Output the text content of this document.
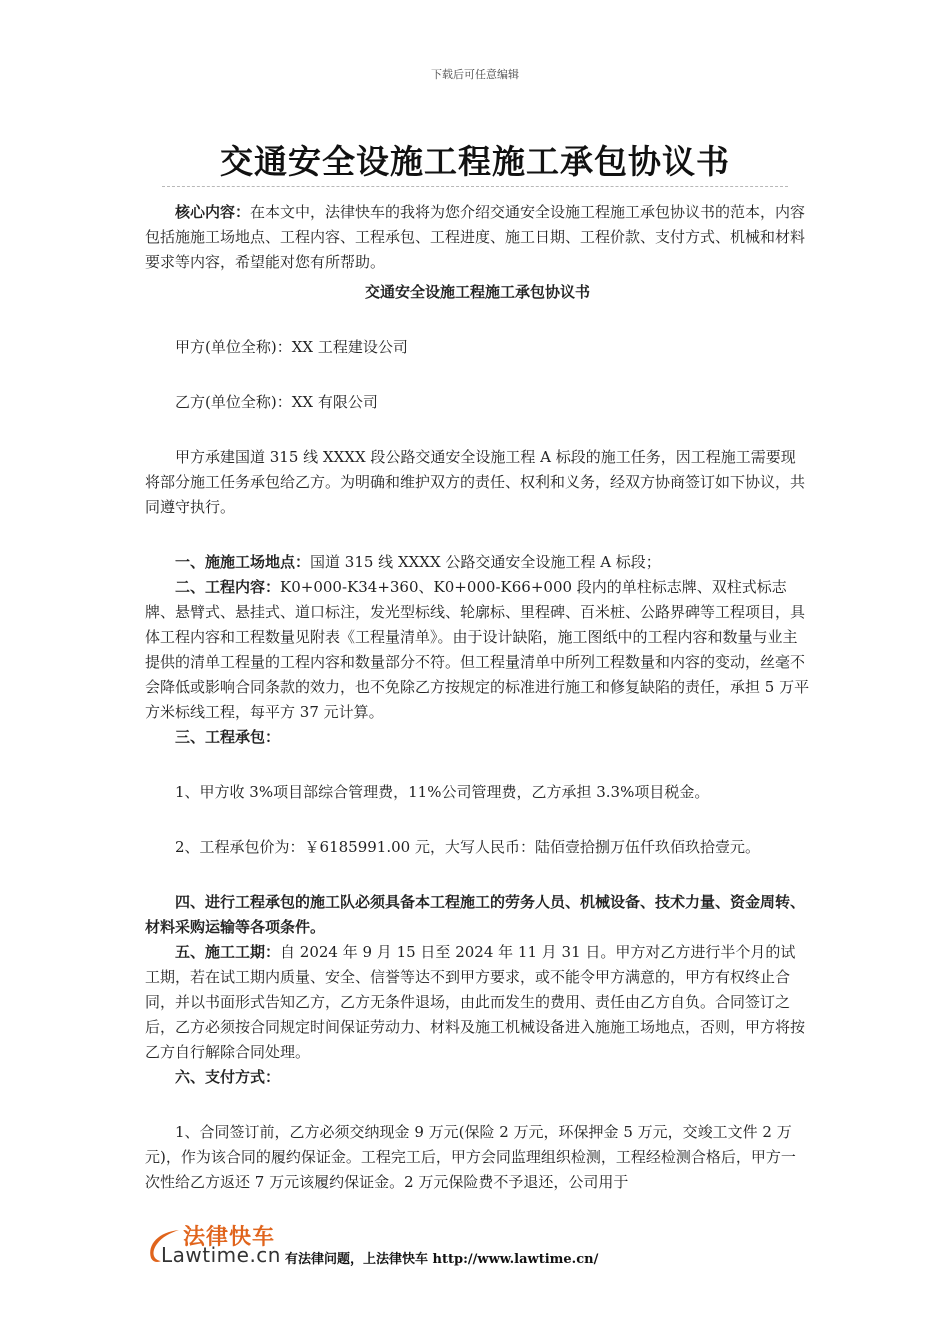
下载后可任意编辑
交通安全设施工程施工承包协议书

核心内容：在本文中，法律快车的我将为您介绍交通安全设施工程施工承包协议书的范本，内容包括施施工场地点、工程内容、工程承包、工程进度、施工日期、工程价款、支付方式、机械和材料要求等内容，希望能对您有所帮助。

交通安全设施工程施工承包协议书

甲方(单位全称)：XX 工程建设公司

乙方(单位全称)：XX 有限公司

甲方承建国道 315 线 XXXX 段公路交通安全设施工程 A 标段的施工任务，因工程施工需要现将部分施工任务承包给乙方。为明确和维护双方的责任、权利和义务，经双方协商签订如下协议，共同遵守执行。

一、施施工场地点：国道 315 线 XXXX 公路交通安全设施工程 A 标段；

二、工程内容：K0+000-K34+360、K0+000-K66+000 段内的单柱标志牌、双柱式标志牌、悬臂式、悬挂式、道口标注，发光型标线、轮廓标、里程碑、百米桩、公路界碑等工程项目，具体工程内容和工程数量见附表《工程量清单》。由于设计缺陷，施工图纸中的工程内容和数量与业主提供的清单工程量的工程内容和数量部分不符。但工程量清单中所列工程数量和内容的变动，丝毫不会降低或影响合同条款的效力，也不免除乙方按规定的标准进行施工和修复缺陷的责任，承担 5 万平方米标线工程，每平方 37 元计算。

三、工程承包：

1、甲方收 3%项目部综合管理费，11%公司管理费，乙方承担 3.3%项目税金。

2、工程承包价为：￥6185991.00 元，大写人民币：陆佰壹拾捌万伍仟玖佰玖拾壹元。

四、进行工程承包的施工队必须具备本工程施工的劳务人员、机械设备、技术力量、资金周转、材料采购运输等各项条件。

五、施工工期：自 2024 年 9 月 15 日至 2024 年 11 月 31 日。甲方对乙方进行半个月的试工期，若在试工期内质量、安全、信誉等达不到甲方要求，或不能令甲方满意的，甲方有权终止合同，并以书面形式告知乙方，乙方无条件退场，由此而发生的费用、责任由乙方自负。合同签订之后，乙方必须按合同规定时间保证劳动力、材料及施工机械设备进入施施工场地点，否则，甲方将按乙方自行解除合同处理。

六、支付方式：

1、合同签订前，乙方必须交纳现金 9 万元(保险 2 万元，环保押金 5 万元，交竣工文件 2 万元)，作为该合同的履约保证金。工程完工后，甲方会同监理组织检测，工程经检测合格后，甲方一次性给乙方返还 7 万元该履约保证金。2 万元保险费不予退还，公司用于

法律快车
Lawtime.cn 有法律问题，上法律快车 http://www.lawtime.cn/
